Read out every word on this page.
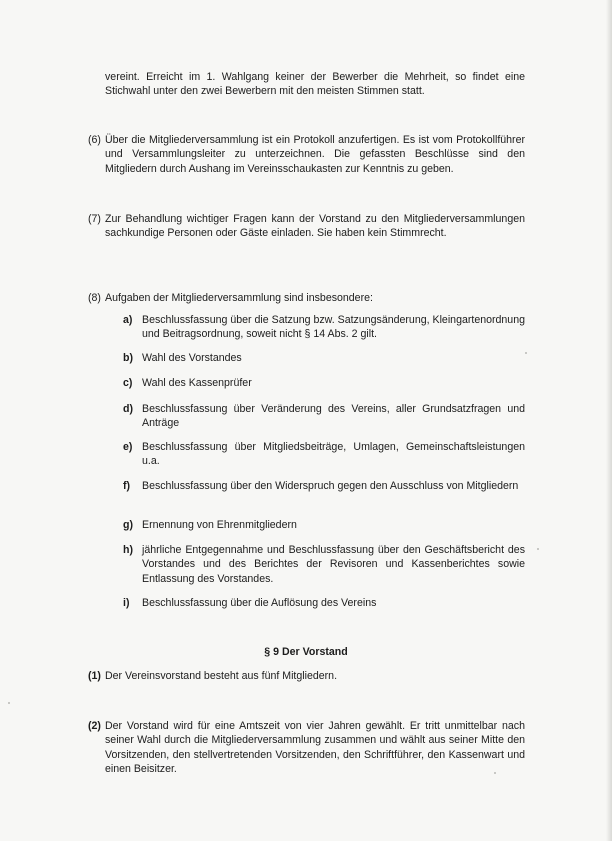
vereint. Erreicht im 1. Wahlgang keiner der Bewerber die Mehrheit, so findet eine Stichwahl unter den zwei Bewerbern mit den meisten Stimmen statt.
(6) Über die Mitgliederversammlung ist ein Protokoll anzufertigen. Es ist vom Protokollführer und Versammlungsleiter zu unterzeichnen. Die gefassten Beschlüsse sind den Mitgliedern durch Aushang im Vereinsschaukasten zur Kenntnis zu geben.
(7) Zur Behandlung wichtiger Fragen kann der Vorstand zu den Mitgliederversammlungen sachkundige Personen oder Gäste einladen. Sie haben kein Stimmrecht.
(8) Aufgaben der Mitgliederversammlung sind insbesondere:
a) Beschlussfassung über die Satzung bzw. Satzungsänderung, Kleingartenordnung und Beitragsordnung, soweit nicht § 14 Abs. 2 gilt.
b) Wahl des Vorstandes
c) Wahl des Kassenprüfer
d) Beschlussfassung über Veränderung des Vereins, aller Grundsatzfragen und Anträge
e) Beschlussfassung über Mitgliedsbeiträge, Umlagen, Gemeinschaftsleistungen u.a.
f) Beschlussfassung über den Widerspruch gegen den Ausschluss von Mitgliedern
g) Ernennung von Ehrenmitgliedern
h) jährliche Entgegennahme und Beschlussfassung über den Geschäftsbericht des Vorstandes und des Berichtes der Revisoren und Kassenberichtes sowie Entlassung des Vorstandes.
i) Beschlussfassung über die Auflösung des Vereins
§ 9 Der Vorstand
(1) Der Vereinsvorstand besteht aus fünf Mitgliedern.
(2) Der Vorstand wird für eine Amtszeit von vier Jahren gewählt. Er tritt unmittelbar nach seiner Wahl durch die Mitgliederversammlung zusammen und wählt aus seiner Mitte den Vorsitzenden, den stellvertretenden Vorsitzenden, den Schriftführer, den Kassenwart und einen Beisitzer.
